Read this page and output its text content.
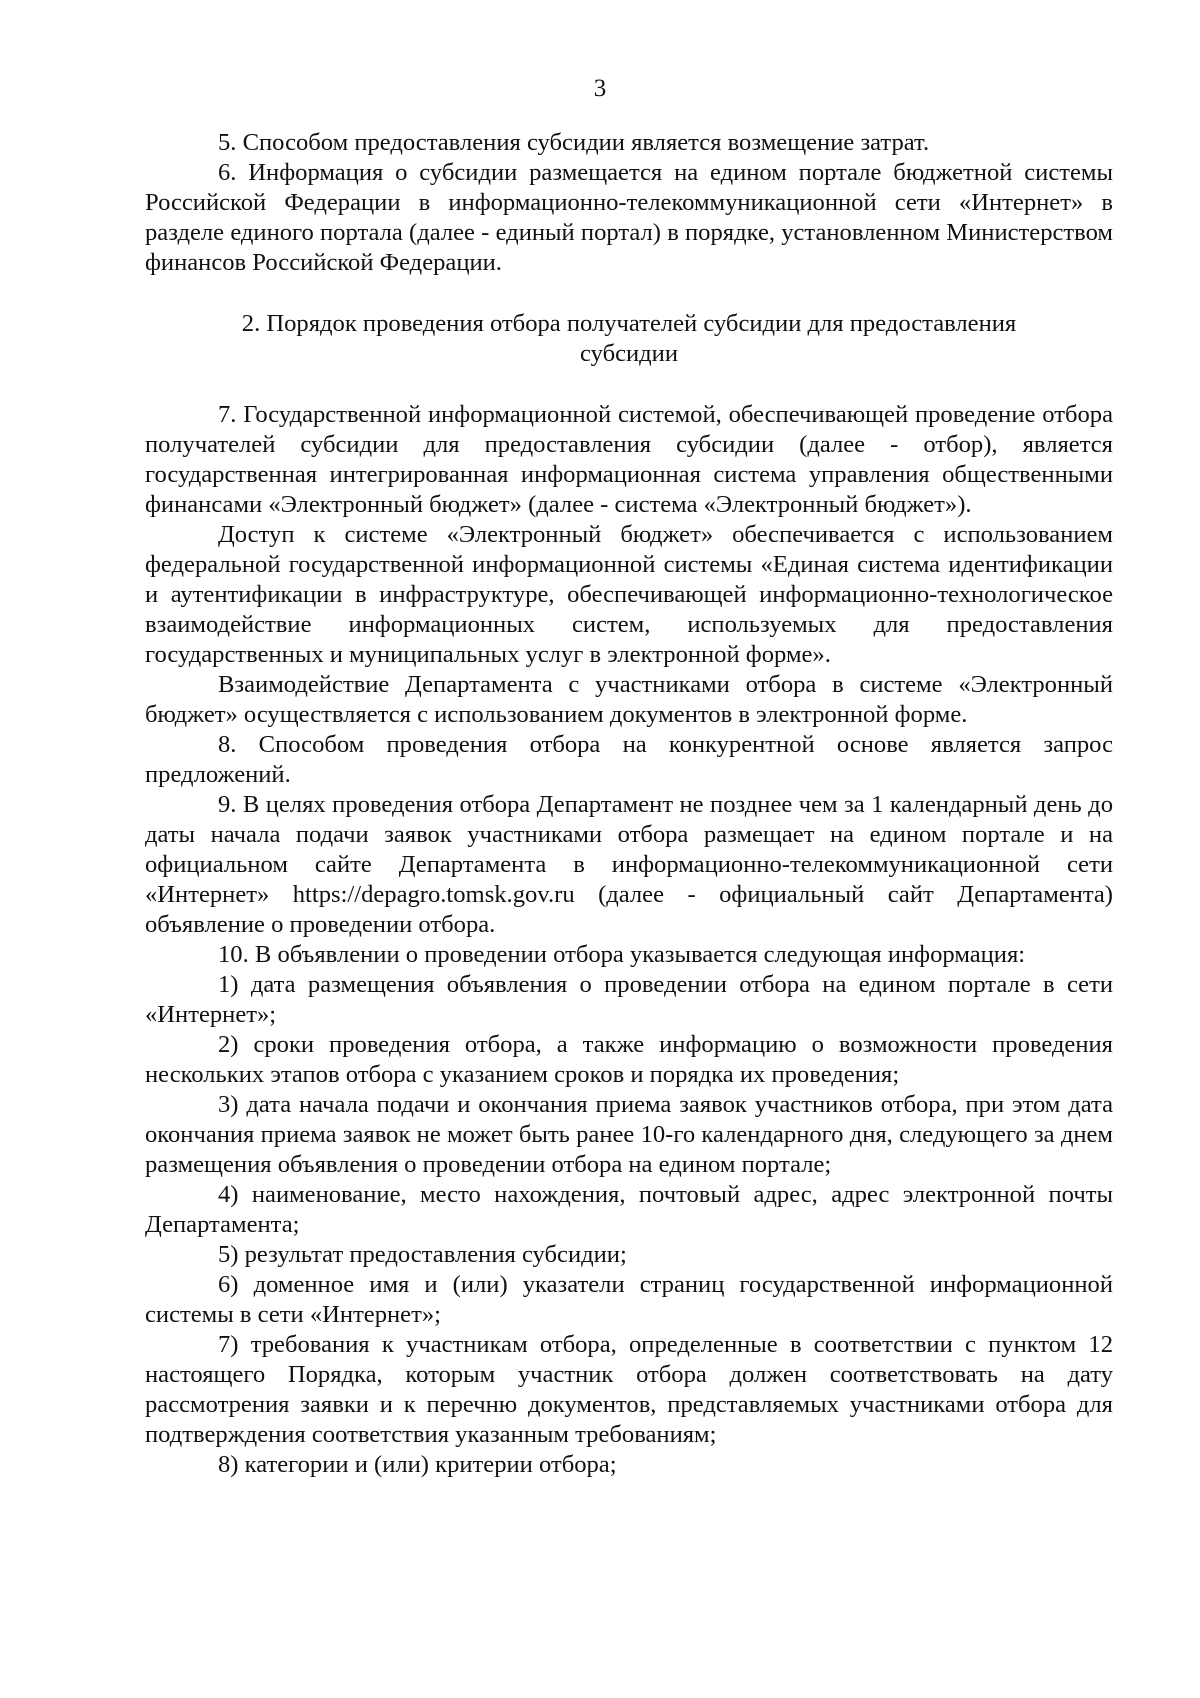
3

5. Способом предоставления субсидии является возмещение затрат.

6. Информация о субсидии размещается на едином портале бюджетной системы Российской Федерации в информационно-телекоммуникационной сети «Интернет» в разделе единого портала (далее - единый портал) в порядке, установленном Министерством финансов Российской Федерации.

2. Порядок проведения отбора получателей субсидии для предоставления субсидии

7. Государственной информационной системой, обеспечивающей проведение отбора получателей субсидии для предоставления субсидии (далее - отбор), является государственная интегрированная информационная система управления общественными финансами «Электронный бюджет» (далее - система «Электронный бюджет»).

Доступ к системе «Электронный бюджет» обеспечивается с использованием федеральной государственной информационной системы «Единая система идентификации и аутентификации в инфраструктуре, обеспечивающей информационно-технологическое взаимодействие информационных систем, используемых для предоставления государственных и муниципальных услуг в электронной форме».

Взаимодействие Департамента с участниками отбора в системе «Электронный бюджет» осуществляется с использованием документов в электронной форме.

8. Способом проведения отбора на конкурентной основе является запрос предложений.

9. В целях проведения отбора Департамент не позднее чем за 1 календарный день до даты начала подачи заявок участниками отбора размещает на едином портале и на официальном сайте Департамента в информационно-телекоммуникационной сети «Интернет» https://depagro.tomsk.gov.ru (далее - официальный сайт Департамента) объявление о проведении отбора.

10. В объявлении о проведении отбора указывается следующая информация:

1) дата размещения объявления о проведении отбора на едином портале в сети «Интернет»;

2) сроки проведения отбора, а также информацию о возможности проведения нескольких этапов отбора с указанием сроков и порядка их проведения;

3) дата начала подачи и окончания приема заявок участников отбора, при этом дата окончания приема заявок не может быть ранее 10-го календарного дня, следующего за днем размещения объявления о проведении отбора на едином портале;

4) наименование, место нахождения, почтовый адрес, адрес электронной почты Департамента;

5) результат предоставления субсидии;

6) доменное имя и (или) указатели страниц государственной информационной системы в сети «Интернет»;

7) требования к участникам отбора, определенные в соответствии с пунктом 12 настоящего Порядка, которым участник отбора должен соответствовать на дату рассмотрения заявки и к перечню документов, представляемых участниками отбора для подтверждения соответствия указанным требованиям;

8) категории и (или) критерии отбора;
